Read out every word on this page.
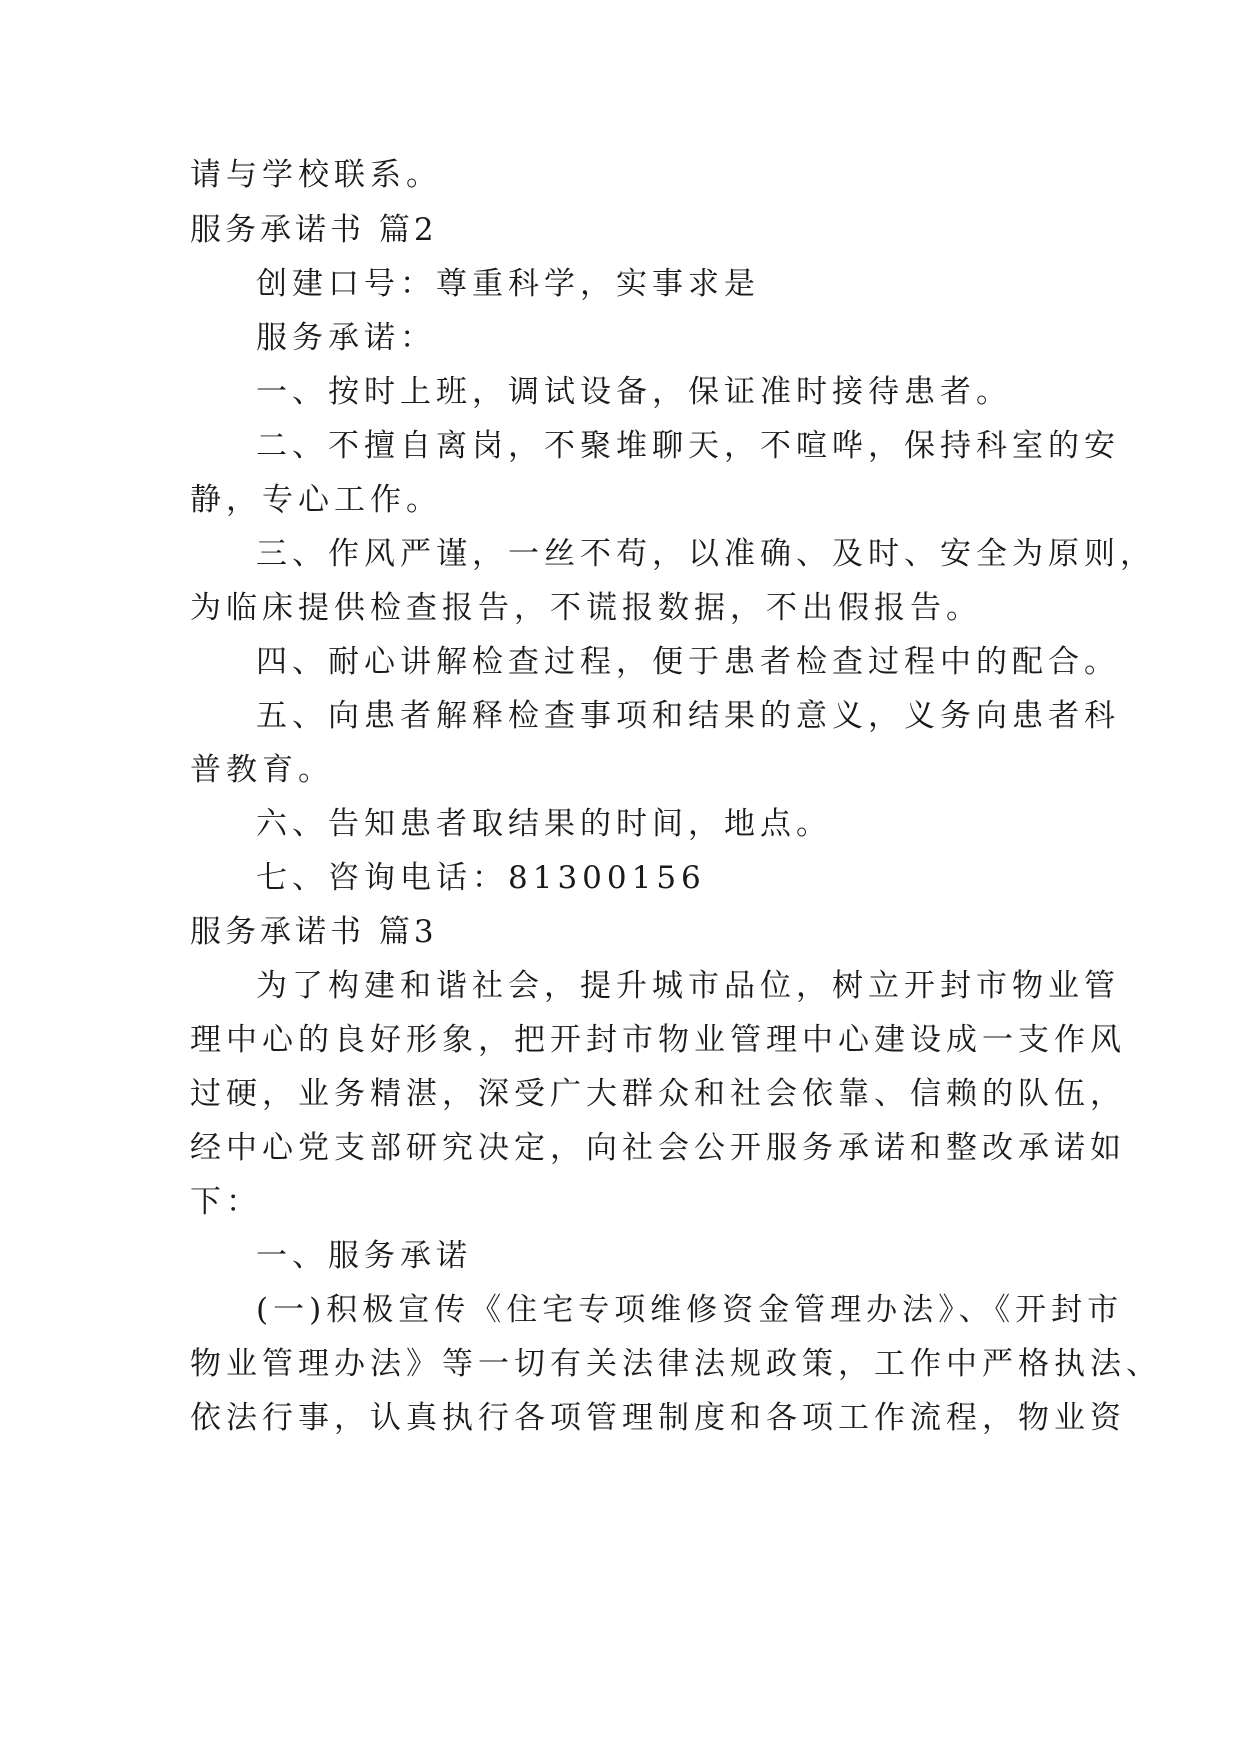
请与学校联系。
服务承诺书 篇2
创建口号：尊重科学，实事求是
服务承诺：
一、按时上班，调试设备，保证准时接待患者。
二、不擅自离岗，不聚堆聊天，不喧哗，保持科室的安
静，专心工作。
三、作风严谨，一丝不苟，以准确、及时、安全为原则，
为临床提供检查报告，不谎报数据，不出假报告。
四、耐心讲解检查过程，便于患者检查过程中的配合。
五、向患者解释检查事项和结果的意义，义务向患者科
普教育。
六、告知患者取结果的时间，地点。
七、咨询电话：81300156
服务承诺书 篇3
为了构建和谐社会，提升城市品位，树立开封市物业管
理中心的良好形象，把开封市物业管理中心建设成一支作风
过硬，业务精湛，深受广大群众和社会依靠、信赖的队伍，
经中心党支部研究决定，向社会公开服务承诺和整改承诺如
下：
一、服务承诺
(一)积极宣传《住宅专项维修资金管理办法》、《开封市
物业管理办法》等一切有关法律法规政策，工作中严格执法、
依法行事，认真执行各项管理制度和各项工作流程，物业资
